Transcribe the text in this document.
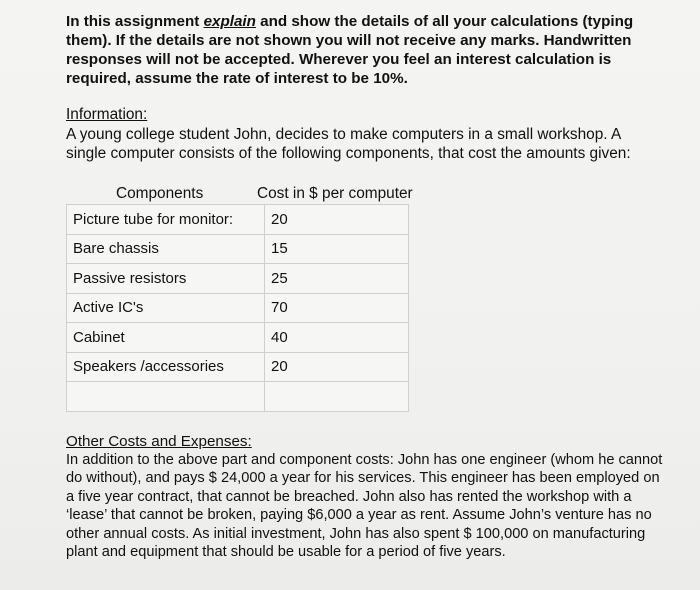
In this assignment explain and show the details of all your calculations (typing them). If the details are not shown you will not receive any marks. Handwritten responses will not be accepted. Wherever you feel an interest calculation is required, assume the rate of interest to be 10%.

Information:

A young college student John, decides to make computers in a small workshop. A single computer consists of the following components, that cost the amounts given:

Components	Cost in $ per computer
Picture tube for monitor:	20
Bare chassis	15
Passive resistors	25
Active IC's	70
Cabinet	40
Speakers /accessories	20

Other Costs and Expenses:

In addition to the above part and component costs: John has one engineer (whom he cannot do without), and pays $ 24,000 a year for his services. This engineer has been employed on a five year contract, that cannot be breached. John also has rented the workshop with a ‘lease’ that cannot be broken, paying $6,000 a year as rent. Assume John’s venture has no other annual costs. As initial investment, John has also spent $ 100,000 on manufacturing plant and equipment that should be usable for a period of five years.
